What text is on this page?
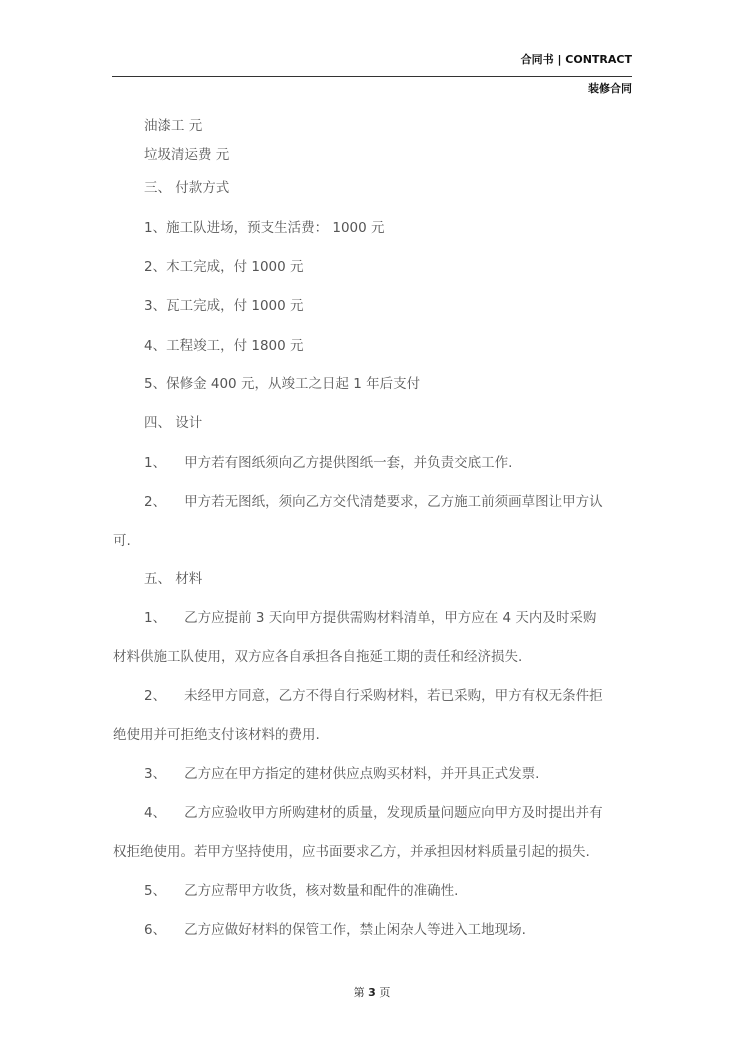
合同书 | CONTRACT
装修合同
油漆工 元
垃圾清运费 元
三、 付款方式
1、施工队进场，预支生活费： 1000 元
2、木工完成，付 1000 元
3、瓦工完成，付 1000 元
4、工程竣工，付 1800 元
5、保修金 400 元，从竣工之日起 1 年后支付
四、 设计
1、 甲方若有图纸须向乙方提供图纸一套，并负责交底工作.
2、 甲方若无图纸，须向乙方交代清楚要求，乙方施工前须画草图让甲方认
可.
五、 材料
1、 乙方应提前 3 天向甲方提供需购材料清单，甲方应在 4 天内及时采购
材料供施工队使用，双方应各自承担各自拖延工期的责任和经济损失.
2、 未经甲方同意，乙方不得自行采购材料，若已采购，甲方有权无条件拒
绝使用并可拒绝支付该材料的费用.
3、 乙方应在甲方指定的建材供应点购买材料，并开具正式发票.
4、 乙方应验收甲方所购建材的质量，发现质量问题应向甲方及时提出并有
权拒绝使用。若甲方坚持使用，应书面要求乙方，并承担因材料质量引起的损失.
5、 乙方应帮甲方收货，核对数量和配件的准确性.
6、 乙方应做好材料的保管工作，禁止闲杂人等进入工地现场.
第 3 页
